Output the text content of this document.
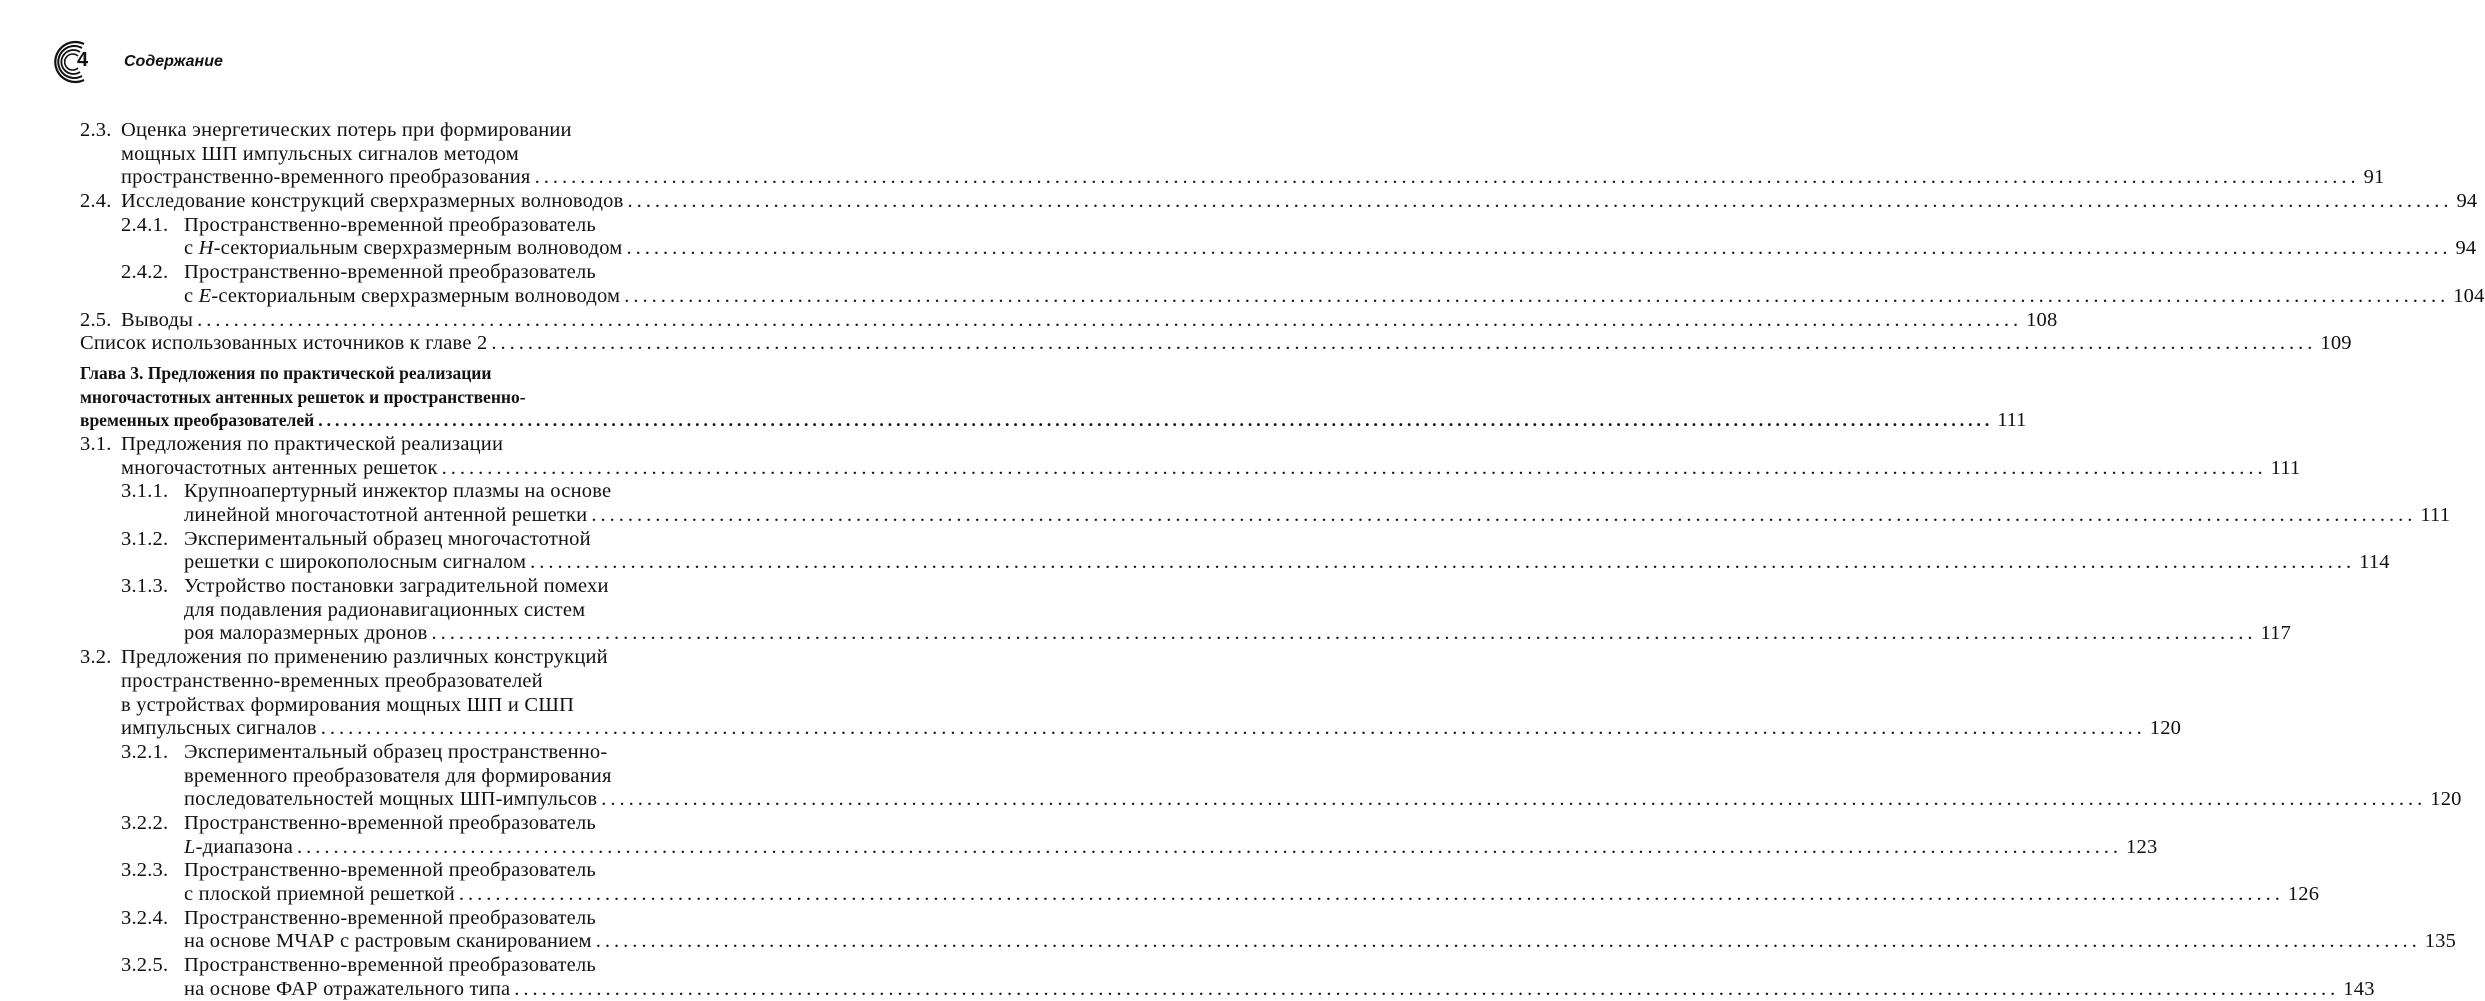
4 Содержание
2.3. Оценка энергетических потерь при формировании
мощных ШП импульсных сигналов методом
пространственно-временного преобразования ........................................................................................................................................................................................................ 91
2.4. Исследование конструкций сверхразмерных волноводов ........................................................................................................................................................................................................ 94
2.4.1. Пространственно-временной преобразователь
с Н-секториальным сверхразмерным волноводом ........................................................................................................................................................................................................ 94
2.4.2. Пространственно-временной преобразователь
с Е-секториальным сверхразмерным волноводом ........................................................................................................................................................................................................ 104
2.5. Выводы ........................................................................................................................................................................................................ 108
Список использованных источников к главе 2 ........................................................................................................................................................................................................ 109
Глава 3. Предложения по практической реализации
многочастотных антенных решеток и пространственно-
временных преобразователей ........................................................................................................................................................................................................ 111
3.1. Предложения по практической реализации
многочастотных антенных решеток ........................................................................................................................................................................................................ 111
3.1.1. Крупноапертурный инжектор плазмы на основе
линейной многочастотной антенной решетки ........................................................................................................................................................................................................ 111
3.1.2. Экспериментальный образец многочастотной
решетки с широкополосным сигналом ........................................................................................................................................................................................................ 114
3.1.3. Устройство постановки заградительной помехи
для подавления радионавигационных систем
роя малоразмерных дронов ........................................................................................................................................................................................................ 117
3.2. Предложения по применению различных конструкций
пространственно-временных преобразователей
в устройствах формирования мощных ШП и СШП
импульсных сигналов ........................................................................................................................................................................................................ 120
3.2.1. Экспериментальный образец пространственно-
временного преобразователя для формирования
последовательностей мощных ШП-импульсов ........................................................................................................................................................................................................ 120
3.2.2. Пространственно-временной преобразователь
L-диапазона ........................................................................................................................................................................................................ 123
3.2.3. Пространственно-временной преобразователь
с плоской приемной решеткой ........................................................................................................................................................................................................ 126
3.2.4. Пространственно-временной преобразователь
на основе МЧАР с растровым сканированием ........................................................................................................................................................................................................ 135
3.2.5. Пространственно-временной преобразователь
на основе ФАР отражательного типа ........................................................................................................................................................................................................ 143
